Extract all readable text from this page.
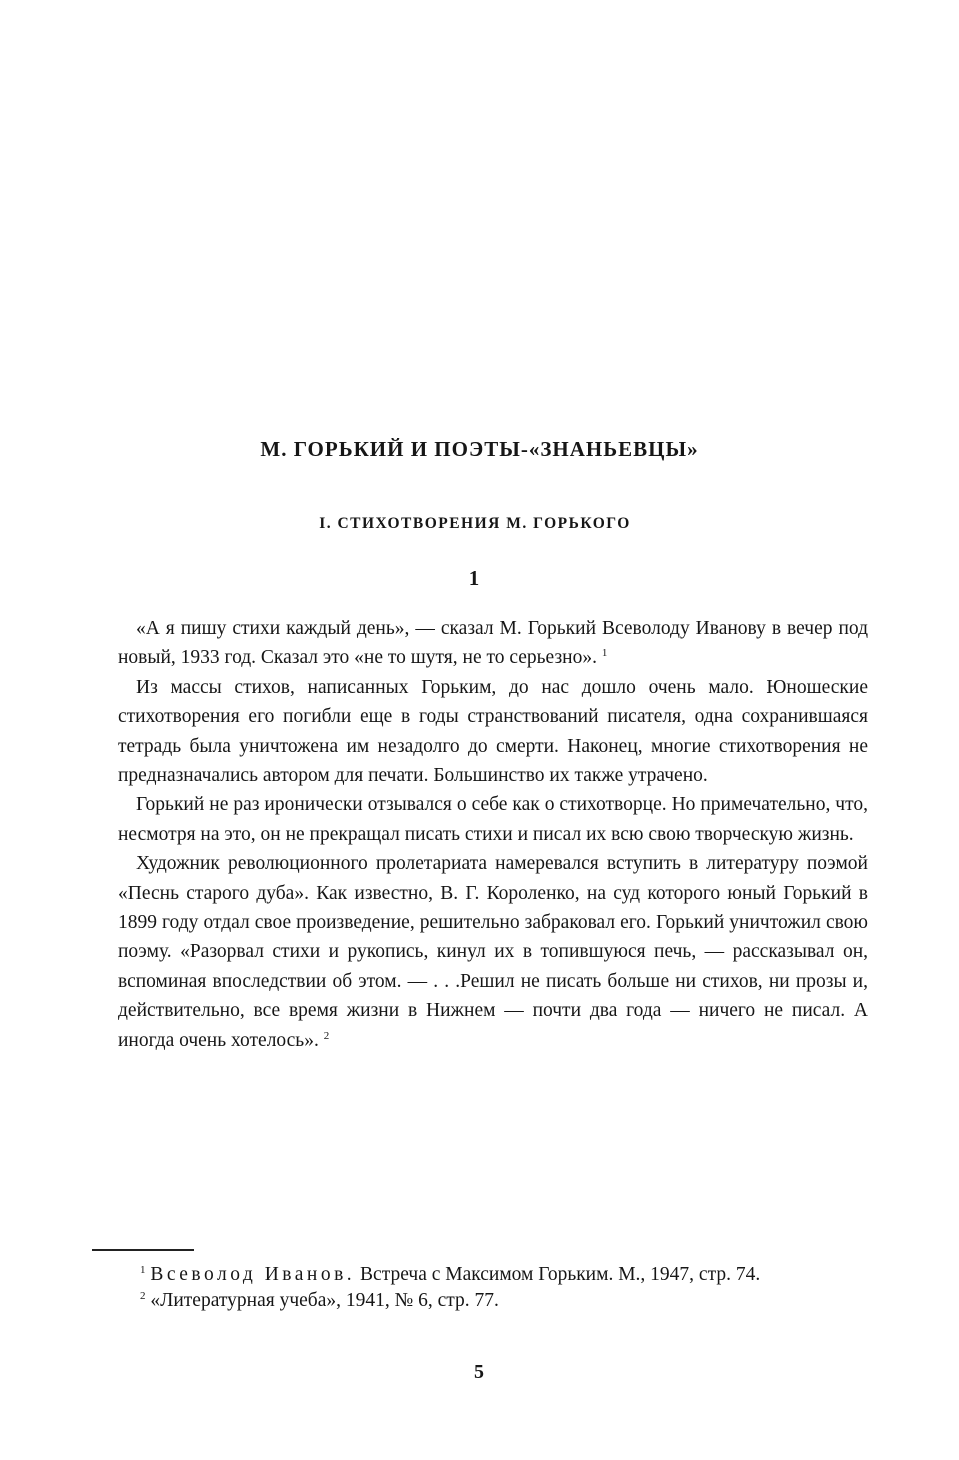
М. ГОРЬКИЙ И ПОЭТЫ-«ЗНАНЬЕВЦЫ»
I. СТИХОТВОРЕНИЯ М. ГОРЬКОГО
1

«А я пишу стихи каждый день», — сказал М. Горький Всеволоду Иванову в вечер под новый, 1933 год. Сказал это «не то шутя, не то серьезно». $^1$

Из массы стихов, написанных Горьким, до нас дошло очень мало. Юношеские стихотворения его погибли еще в годы странствований писателя, одна сохранившаяся тетрадь была уничтожена им незадолго до смерти. Наконец, многие стихотворения не предназначались автором для печати. Большинство их также утрачено.

Горький не раз иронически отзывался о себе как о стихотворце. Но примечательно, что, несмотря на это, он не прекращал писать стихи и писал их всю свою творческую жизнь.

Художник революционного пролетариата намеревался вступить в литературу поэмой «Песнь старого дуба». Как известно, В. Г. Короленко, на суд которого юный Горький в 1899 году отдал свое произведение, решительно забраковал его. Горький уничтожил свою поэму. «Разорвал стихи и рукопись, кинул их в топившуюся печь, — рассказывал он, вспоминая впоследствии об этом. — . . .Решил не писать больше ни стихов, ни прозы и, действительно, все время жизни в Нижнем — почти два года — ничего не писал. А иногда очень хотелось». $^2$

$^1$ Всеволод Иванов. Встреча с Максимом Горьким. М., 1947, стр. 74.

$^2$ «Литературная учеба», 1941, № 6, стр. 77.

5
